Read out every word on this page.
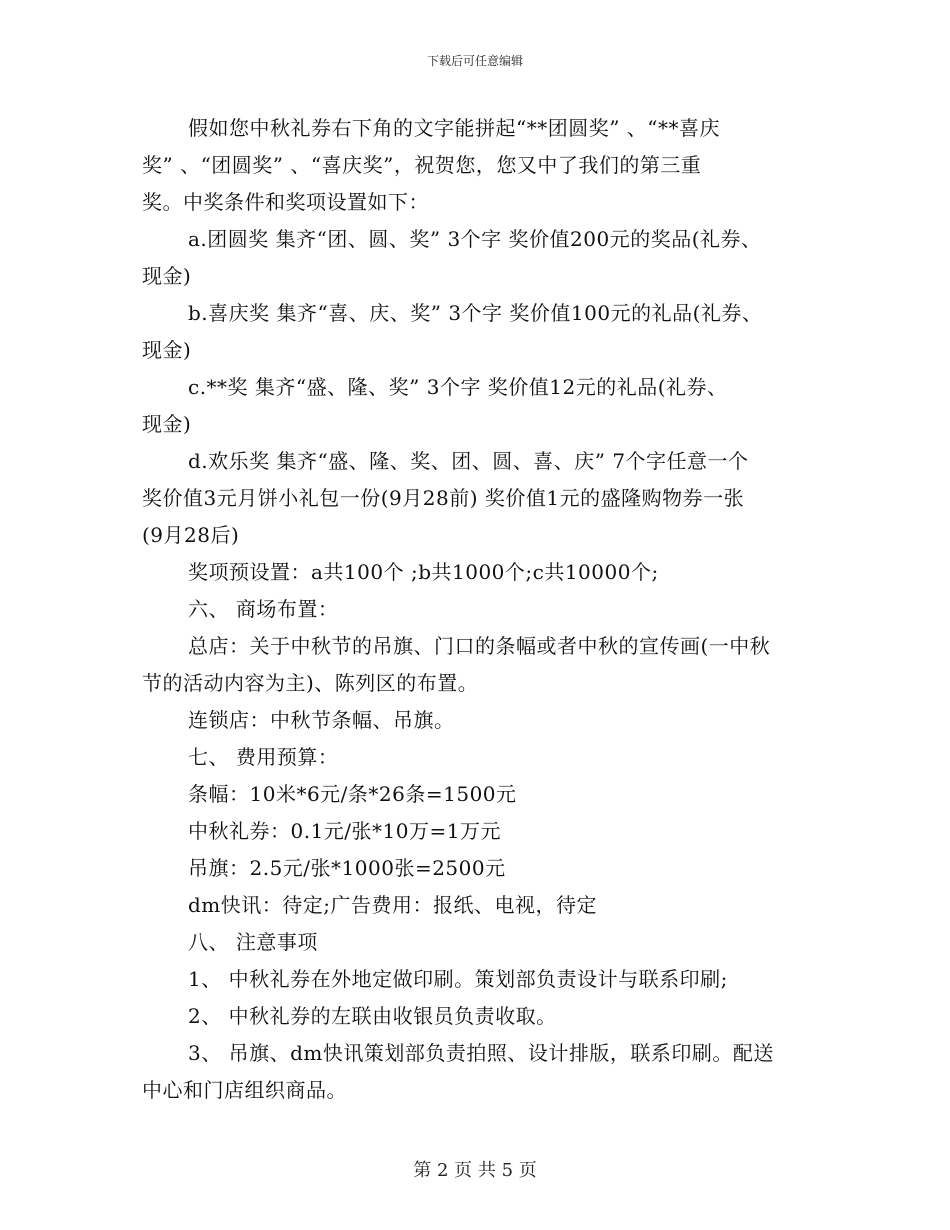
下载后可任意编辑
假如您中秋礼券右下角的文字能拼起“**团圆奖” 、“**喜庆
奖” 、“团圆奖” 、“喜庆奖”，祝贺您，您又中了我们的第三重
奖。中奖条件和奖项设置如下：
a.团圆奖 集齐“团、圆、奖” 3个字 奖价值200元的奖品(礼券、
现金)
b.喜庆奖 集齐“喜、庆、奖” 3个字 奖价值100元的礼品(礼券、
现金)
c.**奖 集齐“盛、隆、奖” 3个字 奖价值12元的礼品(礼券、
现金)
d.欢乐奖 集齐“盛、隆、奖、团、圆、喜、庆” 7个字任意一个
奖价值3元月饼小礼包一份(9月28前) 奖价值1元的盛隆购物券一张
(9月28后)
奖项预设置：a共100个 ;b共1000个;c共10000个;
六、 商场布置：
总店：关于中秋节的吊旗、门口的条幅或者中秋的宣传画(一中秋
节的活动内容为主)、陈列区的布置。
连锁店：中秋节条幅、吊旗。
七、 费用预算：
条幅：10米*6元/条*26条=1500元
中秋礼券：0.1元/张*10万=1万元
吊旗：2.5元/张*1000张=2500元
dm快讯：待定;广告费用：报纸、电视，待定
八、 注意事项
1、 中秋礼券在外地定做印刷。策划部负责设计与联系印刷;
2、 中秋礼券的左联由收银员负责收取。
3、 吊旗、dm快讯策划部负责拍照、设计排版，联系印刷。配送
中心和门店组织商品。
第 2 页 共 5 页
